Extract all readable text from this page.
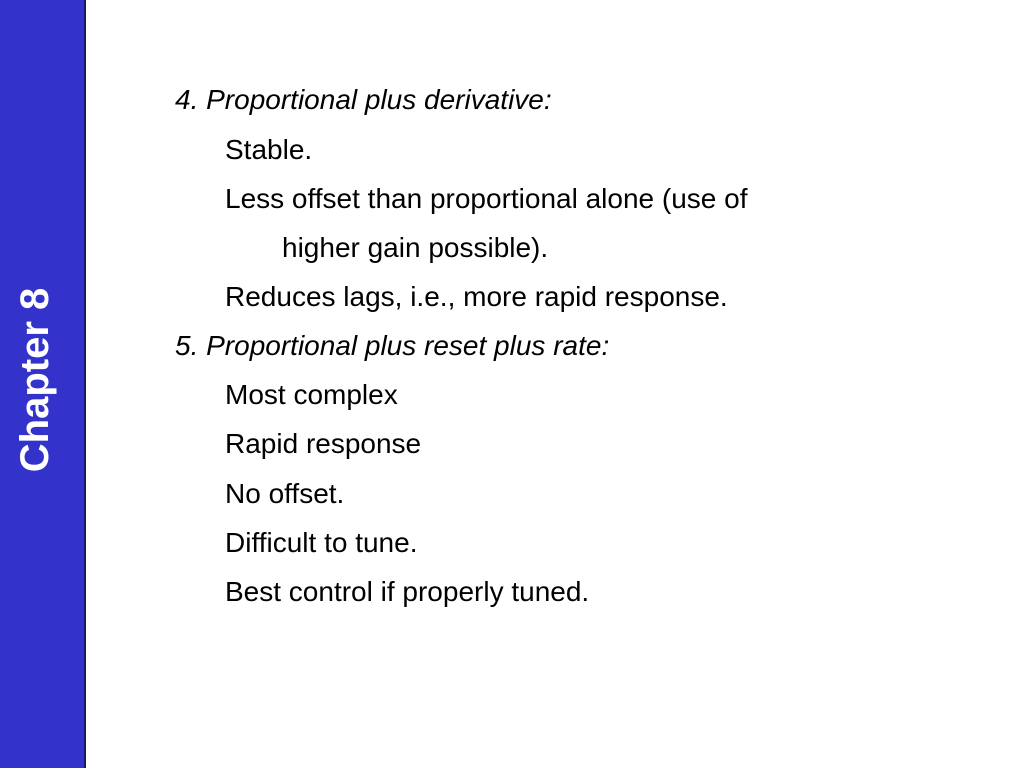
Chapter 8
4. Proportional plus derivative:
Stable.
Less offset than proportional alone (use of
higher gain possible).
Reduces lags, i.e., more rapid response.
5. Proportional plus reset plus rate:
Most complex
Rapid response
No offset.
Difficult to tune.
Best control if properly tuned.
